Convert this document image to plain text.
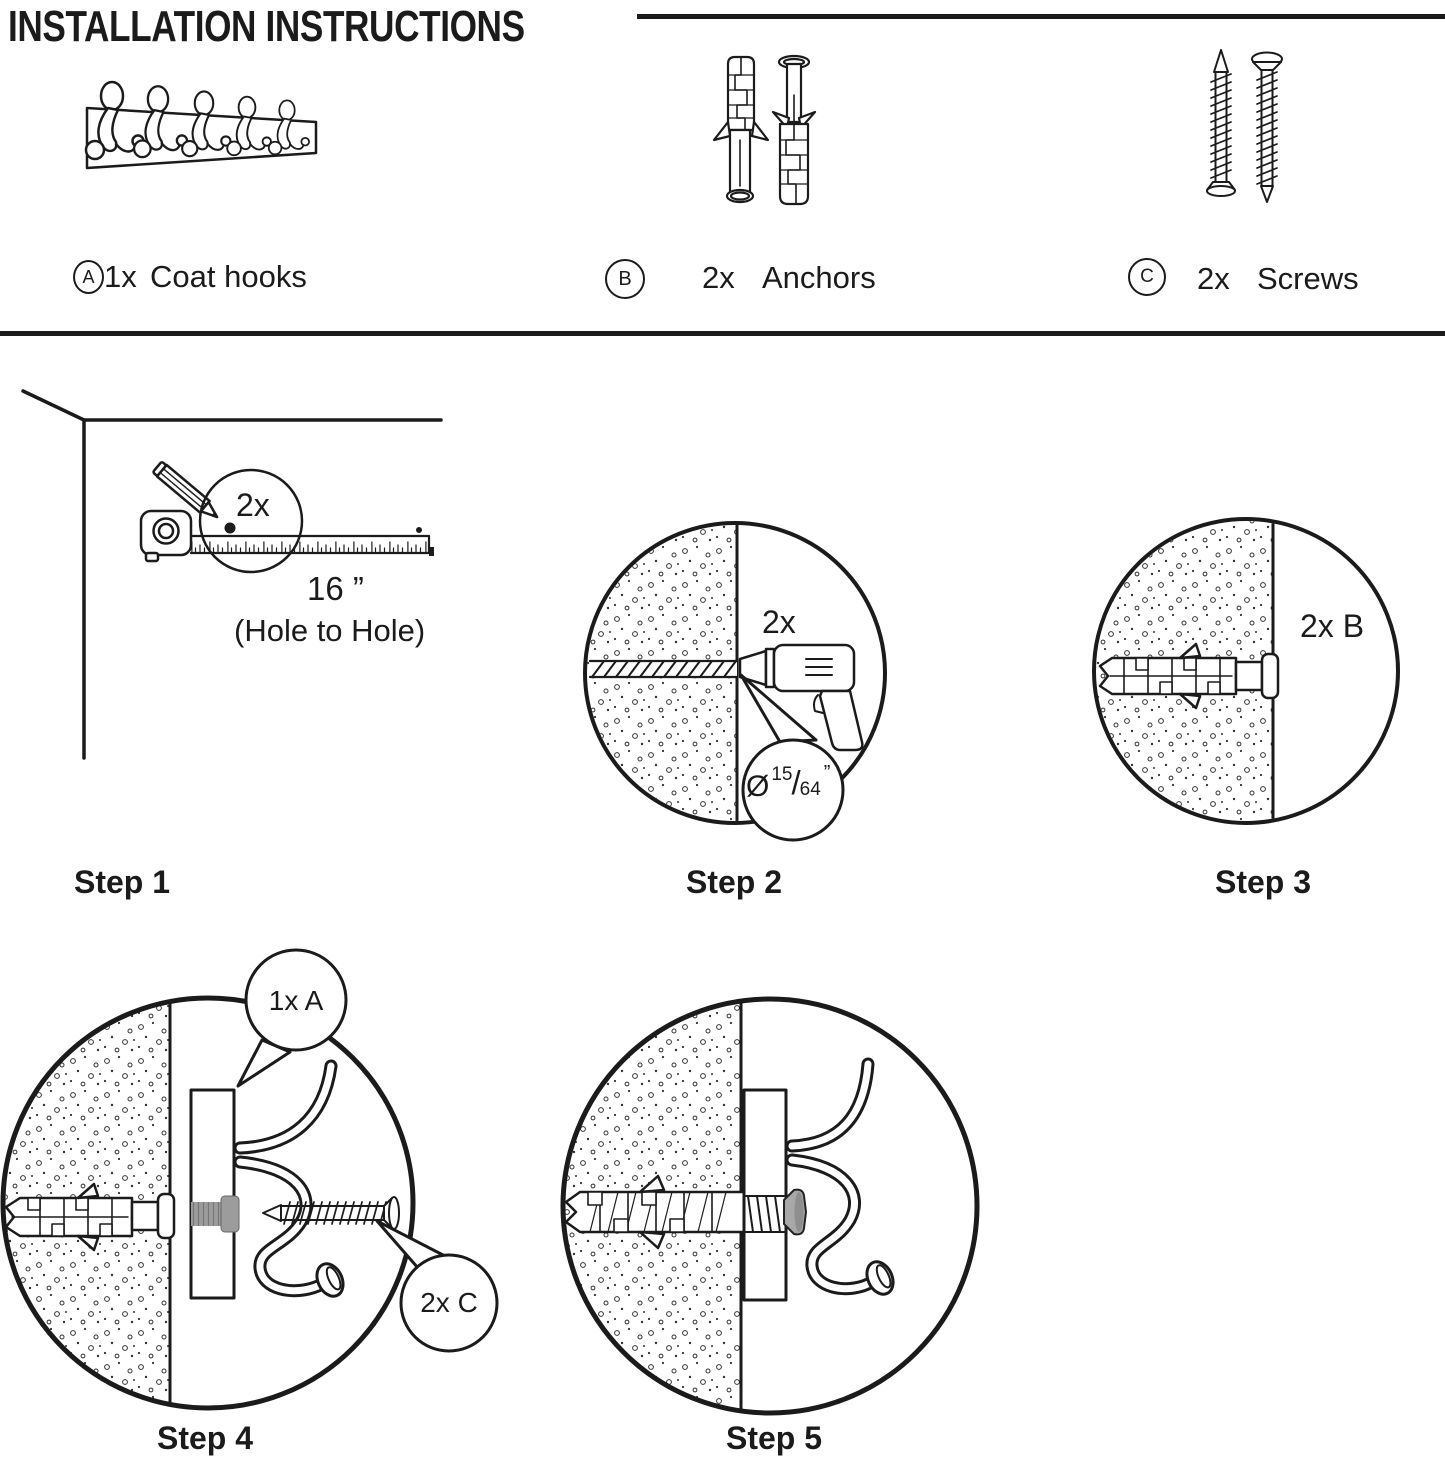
INSTALLATION INSTRUCTIONS
A 1x Coat hooks	B	2x Anchors	C	2x Screws
2x
16 ”
(Hole to Hole)	2x
Ø 15 / 64
”
2x B
1x A
2x C
Step 1	Step 2	Step 3
Step 4	Step 5
